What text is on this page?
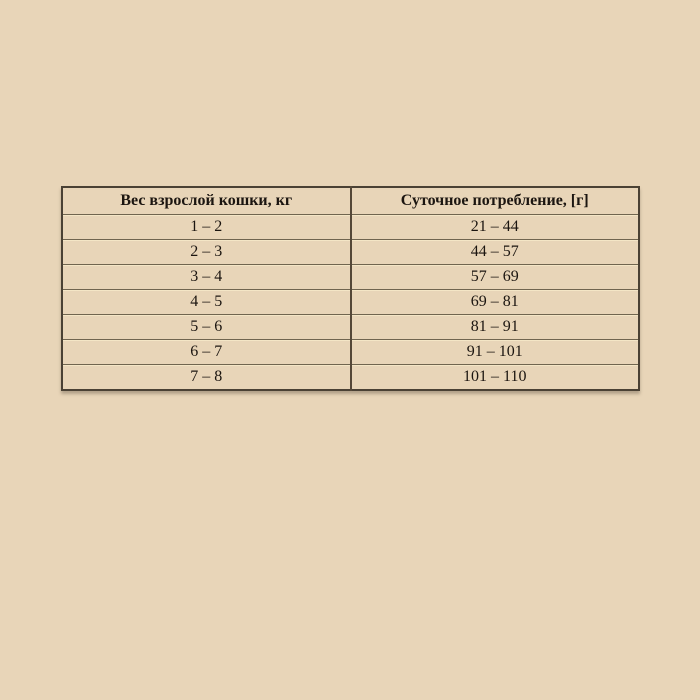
Вес взрослой кошки, кг	Суточное потребление, [г]
1 – 2	21 – 44
2 – 3	44 – 57
3 – 4	57 – 69
4 – 5	69 – 81
5 – 6	81 – 91
6 – 7	91 – 101
7 – 8	101 – 110
